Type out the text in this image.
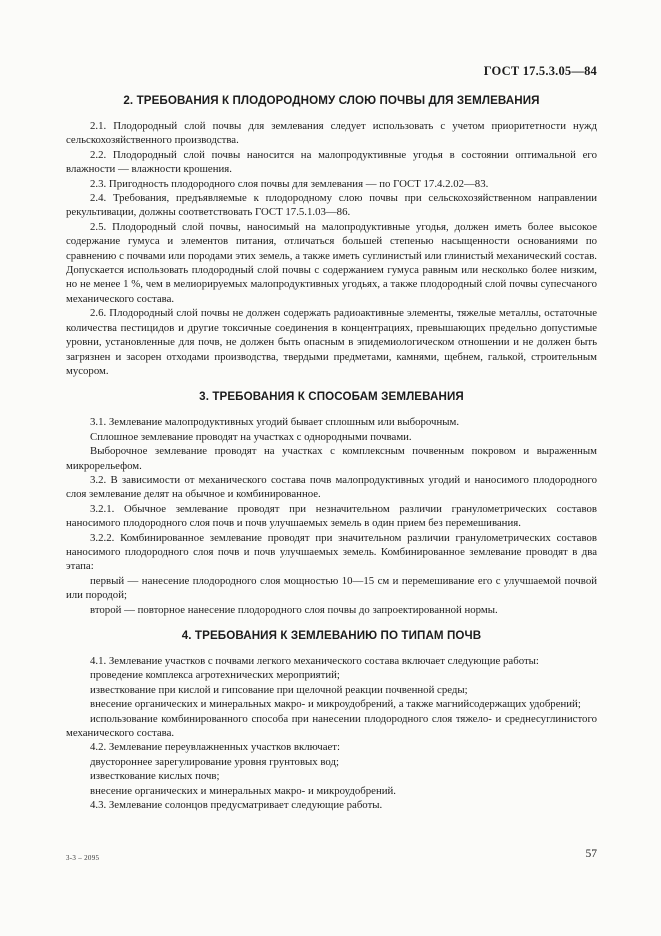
ГОСТ 17.5.3.05—84
2. ТРЕБОВАНИЯ К ПЛОДОРОДНОМУ СЛОЮ ПОЧВЫ ДЛЯ ЗЕМЛЕВАНИЯ

2.1. Плодородный слой почвы для землевания следует использовать с учетом приоритетности нужд сельскохозяйственного производства.

2.2. Плодородный слой почвы наносится на малопродуктивные угодья в состоянии оптимальной его влажности — влажности крошения.

2.3. Пригодность плодородного слоя почвы для землевания — по ГОСТ 17.4.2.02—83.

2.4. Требования, предъявляемые к плодородному слою почвы при сельскохозяйственном направлении рекультивации, должны соответствовать ГОСТ 17.5.1.03—86.

2.5. Плодородный слой почвы, наносимый на малопродуктивные угодья, должен иметь более высокое содержание гумуса и элементов питания, отличаться большей степенью насыщенности основаниями по сравнению с почвами или породами этих земель, а также иметь суглинистый или глинистый механический состав. Допускается использовать плодородный слой почвы с содержанием гумуса равным или несколько более низким, но не менее 1 %, чем в мелиорируемых малопродуктивных угодьях, а также плодородный слой почвы супесчаного механического состава.

2.6. Плодородный слой почвы не должен содержать радиоактивные элементы, тяжелые металлы, остаточные количества пестицидов и другие токсичные соединения в концентрациях, превышающих предельно допустимые уровни, установленные для почв, не должен быть опасным в эпидемиологическом отношении и не должен быть загрязнен и засорен отходами производства, твердыми предметами, камнями, щебнем, галькой, строительным мусором.

3. ТРЕБОВАНИЯ К СПОСОБАМ ЗЕМЛЕВАНИЯ

3.1. Землевание малопродуктивных угодий бывает сплошным или выборочным.

Сплошное землевание проводят на участках с однородными почвами.

Выборочное землевание проводят на участках с комплексным почвенным покровом и выраженным микрорельефом.

3.2. В зависимости от механического состава почв малопродуктивных угодий и наносимого плодородного слоя землевание делят на обычное и комбинированное.

3.2.1. Обычное землевание проводят при незначительном различии гранулометрических составов наносимого плодородного слоя почв и почв улучшаемых земель в один прием без перемешивания.

3.2.2. Комбинированное землевание проводят при значительном различии гранулометрических составов наносимого плодородного слоя почв и почв улучшаемых земель. Комбинированное землевание проводят в два этапа:

первый — нанесение плодородного слоя мощностью 10—15 см и перемешивание его с улучшаемой почвой или породой;

второй — повторное нанесение плодородного слоя почвы до запроектированной нормы.

4. ТРЕБОВАНИЯ К ЗЕМЛЕВАНИЮ ПО ТИПАМ ПОЧВ

4.1. Землевание участков с почвами легкого механического состава включает следующие работы:

проведение комплекса агротехнических мероприятий;

известкование при кислой и гипсование при щелочной реакции почвенной среды;

внесение органических и минеральных макро- и микроудобрений, а также магнийсодержащих удобрений;

использование комбинированного способа при нанесении плодородного слоя тяжело- и среднесуглинистого механического состава.

4.2. Землевание переувлажненных участков включает:

двустороннее зарегулирование уровня грунтовых вод;

известкование кислых почв;

внесение органических и минеральных макро- и микроудобрений.

4.3. Землевание солонцов предусматривает следующие работы.

3-3 – 2095	57
